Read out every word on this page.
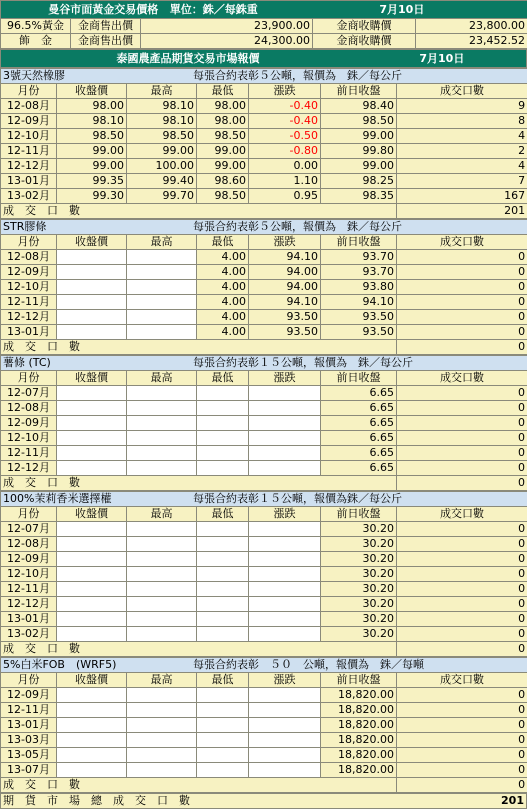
曼谷市面黃金交易價格 單位：銖／每銖重 7月10日				
96.5%黃金	金商售出價	23,900.00	金商收購價	23,800.00
飾　金	金商售出價	24,300.00	金商收購價	23,452.52
泰國農產品期貨交易市場報價	7月10日
3號天然橡膠 每張合約表彰５公噸，報價為　銖／每公斤						
月份	收盤價	最高	最低	漲跌	前日收盤	成交口數
12-08月	98.00	98.10	98.00	-0.40	98.40	9
12-09月	98.10	98.10	98.00	-0.40	98.50	8
12-10月	98.50	98.50	98.50	-0.50	99.00	4
12-11月	99.00	99.00	99.00	-0.80	99.80	2
12-12月	99.00	100.00	99.00	0.00	99.00	4
13-01月	99.35	99.40	98.60	1.10	98.25	7
13-02月	99.30	99.70	98.50	0.95	98.35	167
成　交　口　數						201
STR膠條 每張合約表彰５公噸，報價為　銖／每公斤						
月份	收盤價	最高	最低	漲跌	前日收盤	成交口數
12-08月			4.00	94.10	93.70	0
12-09月			4.00	94.00	93.70	0
12-10月			4.00	94.00	93.80	0
12-11月			4.00	94.10	94.10	0
12-12月			4.00	93.50	93.50	0
13-01月			4.00	93.50	93.50	0
成　交　口　數						0
薯條 (TC) 每張合約表彰１５公噸，報價為　銖／每公斤						
月份	收盤價	最高	最低	漲跌	前日收盤	成交口數
12-07月					6.65	0
12-08月					6.65	0
12-09月					6.65	0
12-10月					6.65	0
12-11月					6.65	0
12-12月					6.65	0
成　交　口　數						0
100%茉莉香米選擇權 每張合約表彰１５公噸，報價為銖／每公斤						
月份	收盤價	最高	最低	漲跌	前日收盤	成交口數
12-07月					30.20	0
12-08月					30.20	0
12-09月					30.20	0
12-10月					30.20	0
12-11月					30.20	0
12-12月					30.20	0
13-01月					30.20	0
13-02月					30.20	0
成　交　口　數						0
5%白米FOB　(WRF5) 每張合約表彰　５０　公噸，報價為　銖／每噸						
月份	收盤價	最高	最低	漲跌	前日收盤	成交口數
12-09月					18,820.00	0
12-11月					18,820.00	0
13-01月					18,820.00	0
13-03月					18,820.00	0
13-05月					18,820.00	0
13-07月					18,820.00	0
成　交　口　數						0
期　貨　市　場　總　成　交　口　數	201
